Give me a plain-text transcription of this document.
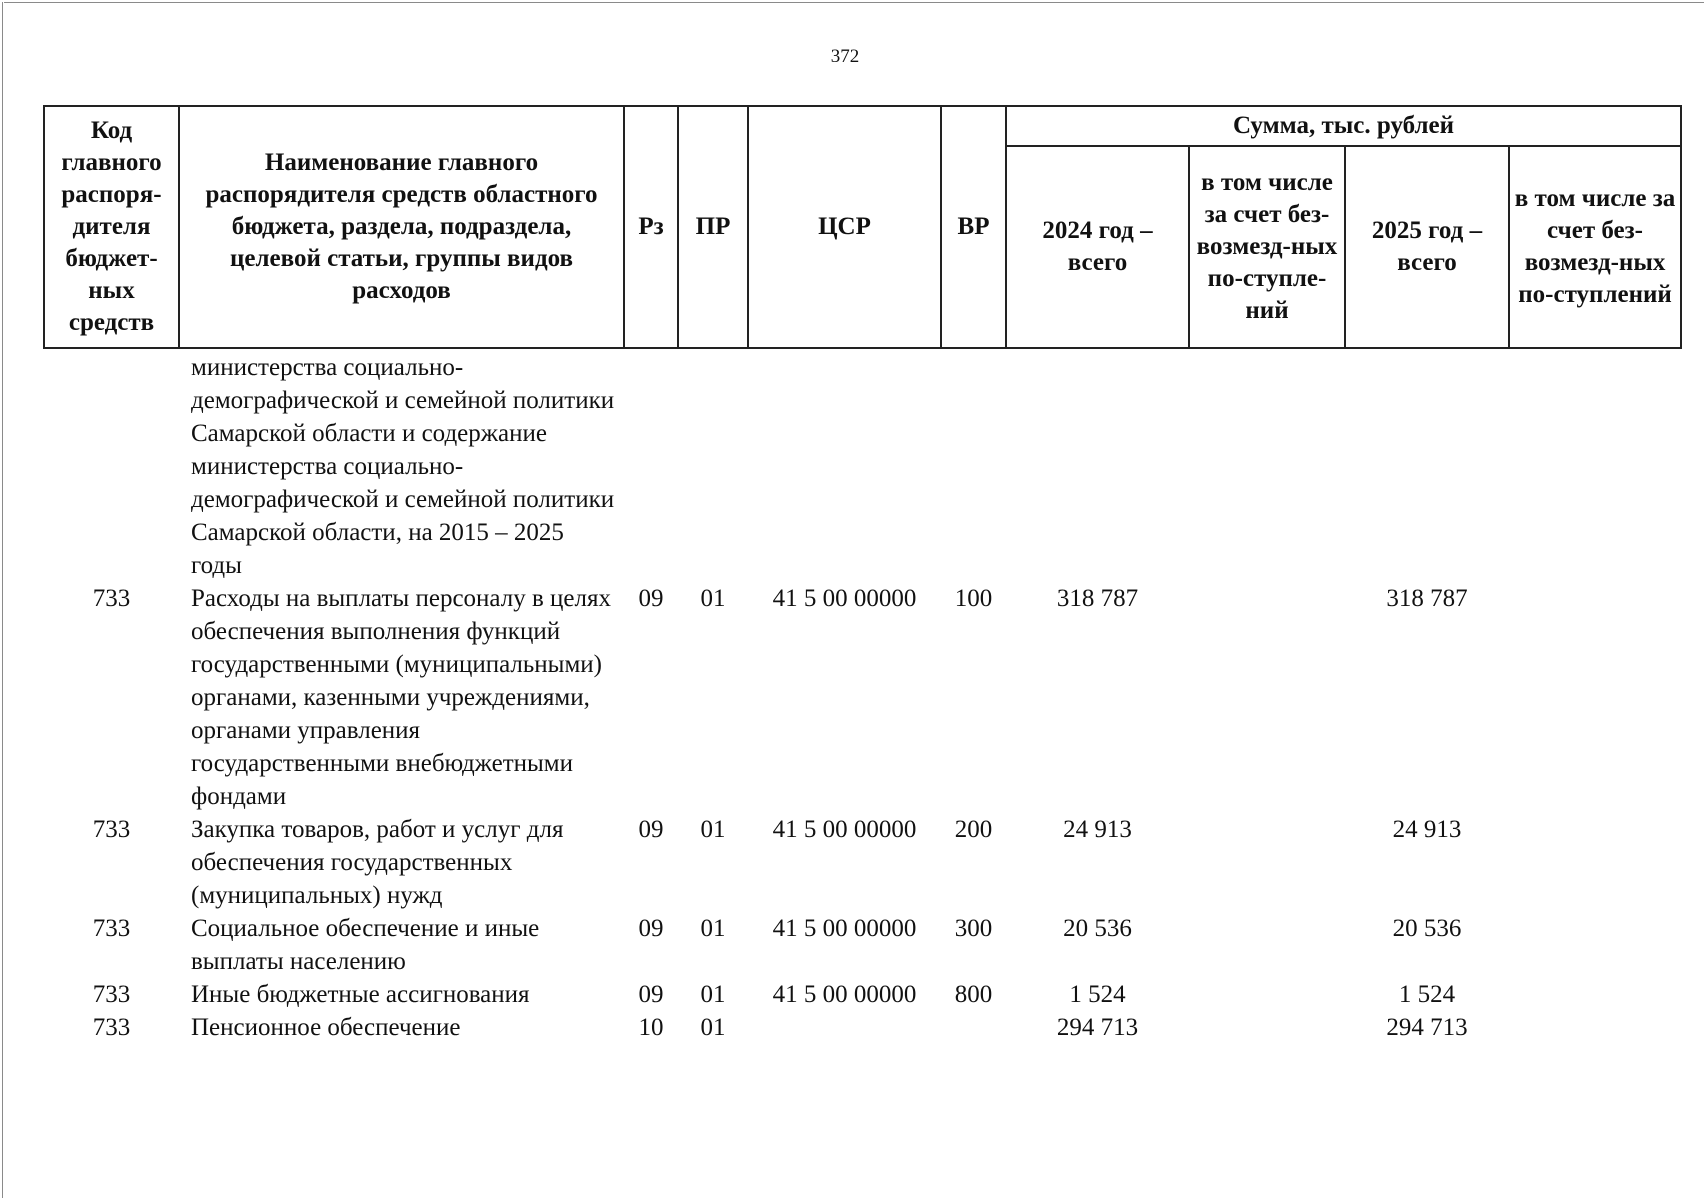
372
Код главного распоря-дителя бюджет-ных средств	Наименование главного распорядителя средств областного бюджета, раздела, подраздела, целевой статьи, группы видов расходов	Рз	ПР	ЦСР	ВР	Сумма, тыс. рублей			
						2024 год – всего	в том числе за счет без-возмезд-ных по-ступле-ний	2025 год – всего	в том числе за счет без-возмезд-ных по-ступлений
	министерства социально-демографической и семейной политики Самарской области и содержание министерства социально-демографической и семейной политики Самарской области, на 2015 – 2025 годы								
733	Расходы на выплаты персоналу в целях обеспечения выполнения функций государственными (муниципальными) органами, казенными учреждениями, органами управления государственными внебюджетными фондами	09	01	41 5 00 00000	100	318 787		318 787	
733	Закупка товаров, работ и услуг для обеспечения государственных (муниципальных) нужд	09	01	41 5 00 00000	200	24 913		24 913	
733	Социальное обеспечение и иные выплаты населению	09	01	41 5 00 00000	300	20 536		20 536	
733	Иные бюджетные ассигнования	09	01	41 5 00 00000	800	1 524		1 524	
733	Пенсионное обеспечение	10	01			294 713		294 713	
